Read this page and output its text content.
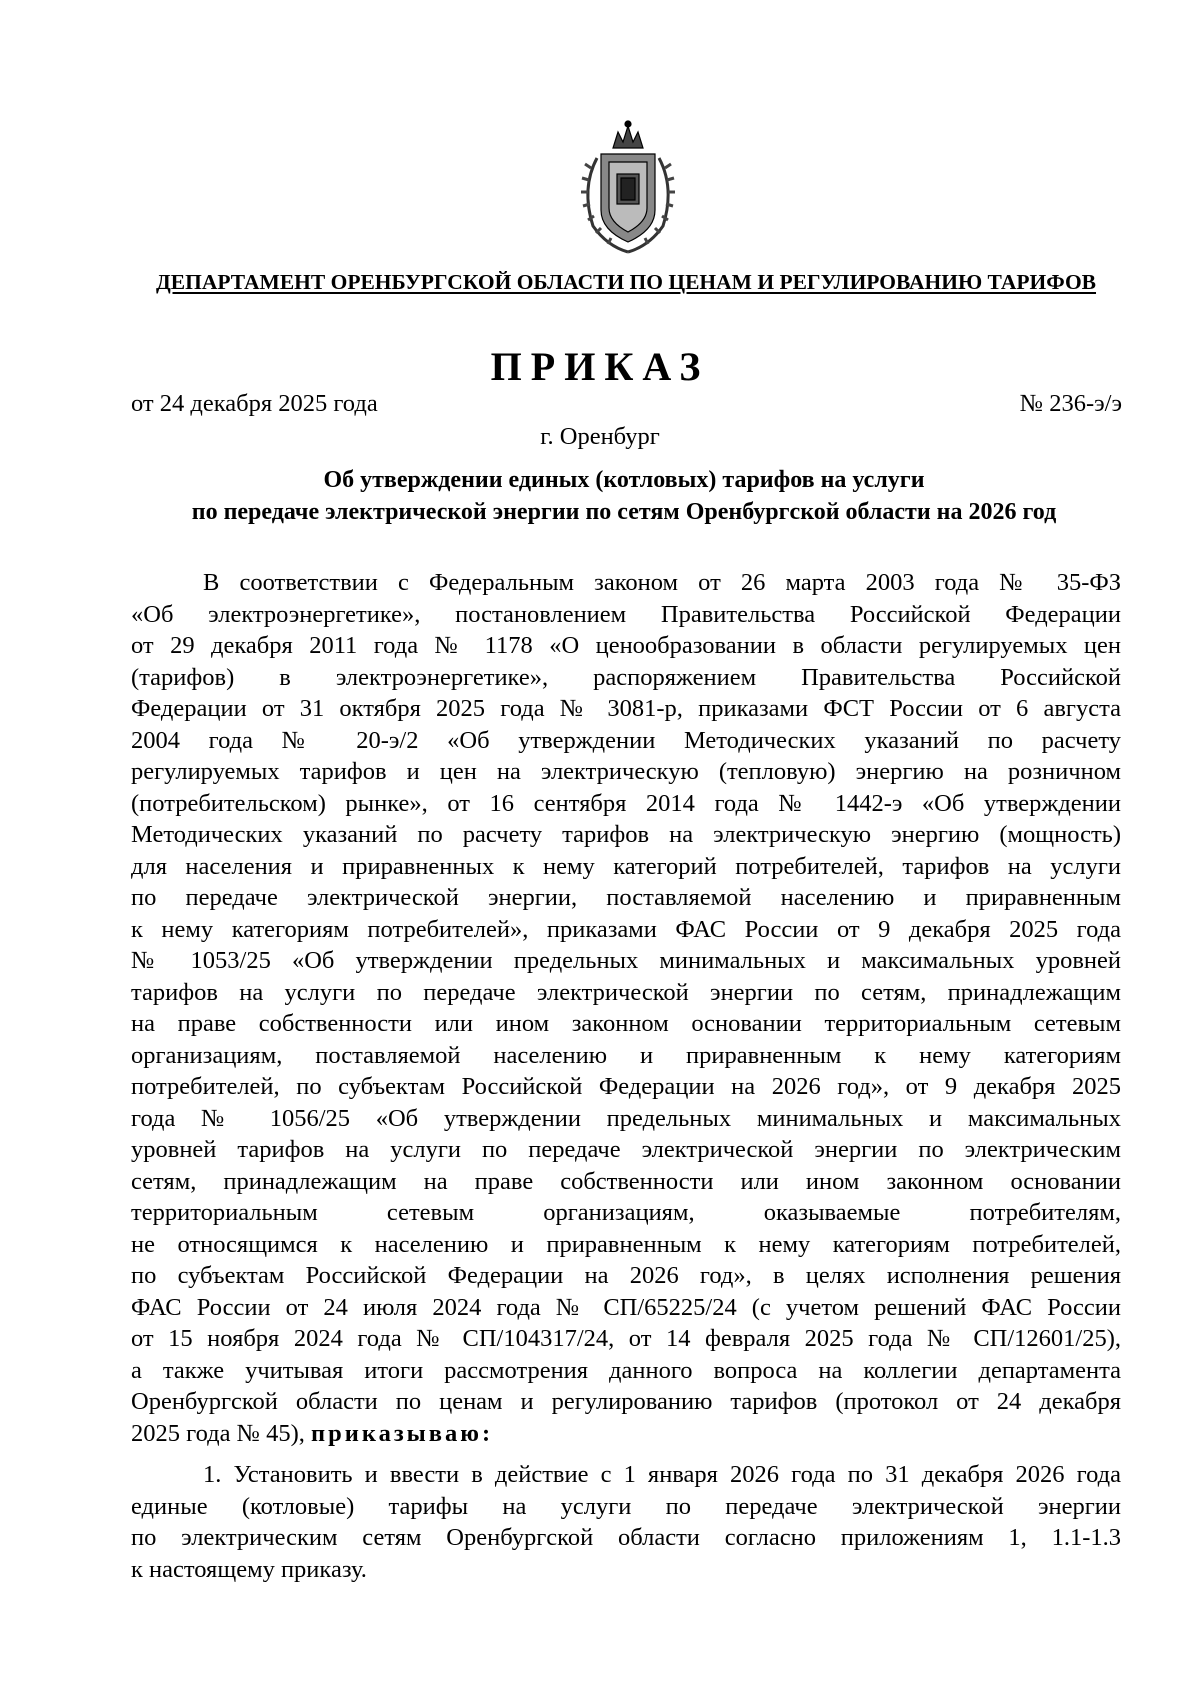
ДЕПАРТАМЕНТ ОРЕНБУРГСКОЙ ОБЛАСТИ ПО ЦЕНАМ И РЕГУЛИРОВАНИЮ ТАРИФОВ
ПРИКАЗ
от 24 декабря 2025 года	№ 236-э/э
г. Оренбург
Об утверждении единых (котловых) тарифов на услуги
по передаче электрической энергии по сетям Оренбургской области на 2026 год
В соответствии с Федеральным законом от 26 марта 2003 года № 35-ФЗ
«Об электроэнергетике», постановлением Правительства Российской Федерации
от 29 декабря 2011 года № 1178 «О ценообразовании в области регулируемых цен
(тарифов) в электроэнергетике», распоряжением Правительства Российской
Федерации от 31 октября 2025 года № 3081-р, приказами ФСТ России от 6 августа
2004 года № 20-э/2 «Об утверждении Методических указаний по расчету
регулируемых тарифов и цен на электрическую (тепловую) энергию на розничном
(потребительском) рынке», от 16 сентября 2014 года № 1442-э «Об утверждении
Методических указаний по расчету тарифов на электрическую энергию (мощность)
для населения и приравненных к нему категорий потребителей, тарифов на услуги
по передаче электрической энергии, поставляемой населению и приравненным
к нему категориям потребителей», приказами ФАС России от 9 декабря 2025 года
№ 1053/25 «Об утверждении предельных минимальных и максимальных уровней
тарифов на услуги по передаче электрической энергии по сетям, принадлежащим
на праве собственности или ином законном основании территориальным сетевым
организациям, поставляемой населению и приравненным к нему категориям
потребителей, по субъектам Российской Федерации на 2026 год», от 9 декабря 2025
года № 1056/25 «Об утверждении предельных минимальных и максимальных
уровней тарифов на услуги по передаче электрической энергии по электрическим
сетям, принадлежащим на праве собственности или ином законном основании
территориальным сетевым организациям, оказываемые потребителям,
не относящимся к населению и приравненным к нему категориям потребителей,
по субъектам Российской Федерации на 2026 год», в целях исполнения решения
ФАС России от 24 июля 2024 года № СП/65225/24 (с учетом решений ФАС России
от 15 ноября 2024 года № СП/104317/24, от 14 февраля 2025 года № СП/12601/25),
а также учитывая итоги рассмотрения данного вопроса на коллегии департамента
Оренбургской области по ценам и регулированию тарифов (протокол от 24 декабря
2025 года № 45), приказываю:
1. Установить и ввести в действие с 1 января 2026 года по 31 декабря 2026 года
единые (котловые) тарифы на услуги по передаче электрической энергии
по электрическим сетям Оренбургской области согласно приложениям 1, 1.1-1.3
к настоящему приказу.
